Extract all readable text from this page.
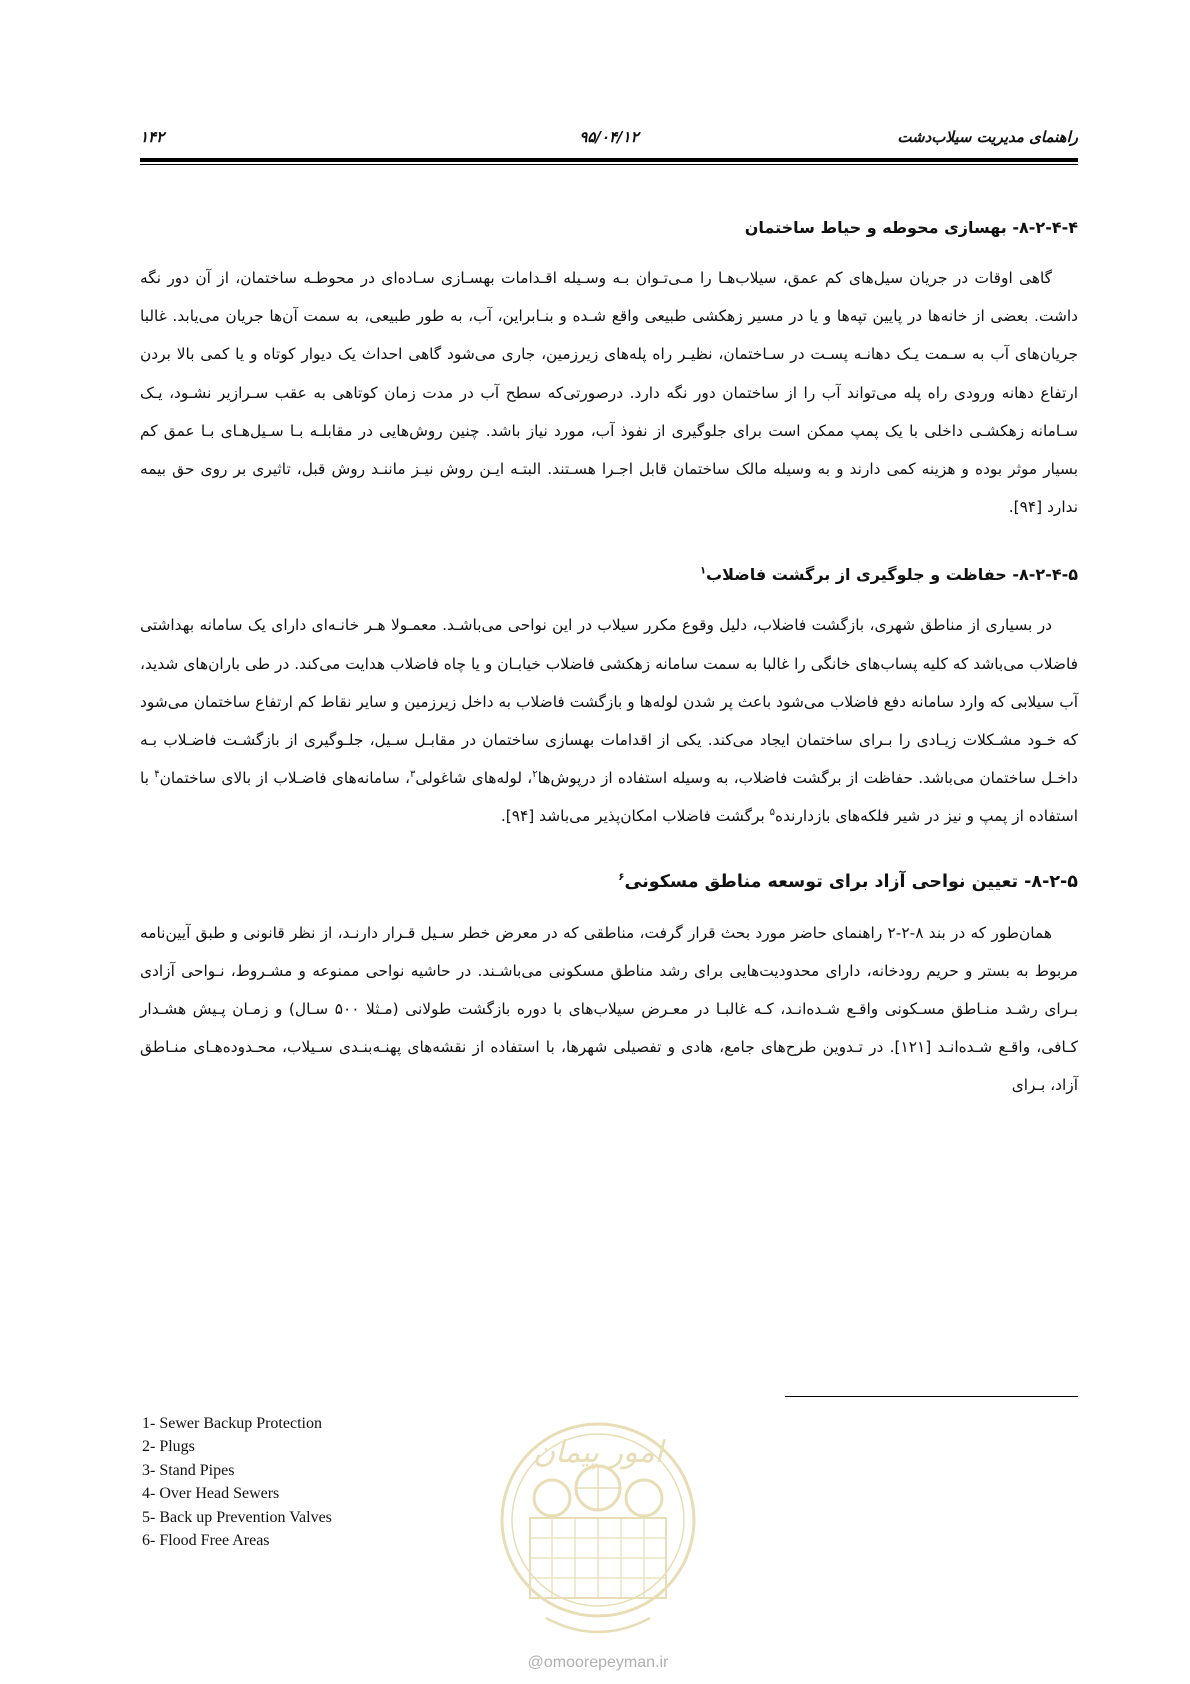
راهنمای مدیریت سیلاب‌دشت
۹۵/۰۴/۱۲
۱۴۲
۸-۲-۴-۴- بهسازی محوطه و حیاط ساختمان

گاهی اوقات در جریان سیل‌های کم عمق، سیلاب‌هـا را مـی‌تـوان بـه وسـیله اقـدامات بهسـازی سـاده‌ای در محوطـه ساختمان، از آن دور نگه داشت. بعضی از خانه‌ها در پایین تپه‌ها و یا در مسیر زهکشی طبیعی واقع شـده و بنـابراین، آب، به طور طبیعی، به سمت آن‌ها جریان می‌یابد. غالبا جریان‌های آب به سـمت یـک دهانـه پسـت در سـاختمان، نظیـر راه پله‌های زیرزمین، جاری می‌شود گاهی احداث یک دیوار کوتاه و یا کمی بالا بردن ارتفاع دهانه ورودی راه پله می‌تواند آب را از ساختمان دور نگه دارد. درصورتی‌که سطح آب در مدت زمان کوتاهی به عقب سـرازیر نشـود، یـک سـامانه زهکشـی داخلی با یک پمپ ممکن است برای جلوگیری از نفوذ آب، مورد نیاز باشد. چنین روش‌هایی در مقابلـه بـا سـیل‌هـای بـا عمق کم بسیار موثر بوده و هزینه کمی دارند و به وسیله مالک ساختمان قابل اجـرا هسـتند. البتـه ایـن روش نیـز ماننـد روش قبل، تاثیری بر روی حق بیمه ندارد [۹۴].

۸-۲-۴-۵- حفاظت و جلوگیری از برگشت فاضلاب$^۱$

در بسیاری از مناطق شهری، بازگشت فاضلاب، دلیل وقوع مکرر سیلاب در این نواحی می‌باشـد. معمـولا هـر خانـه‌ای دارای یک سامانه بهداشتی فاضلاب می‌باشد که کلیه پساب‌های خانگی را غالبا به سمت سامانه زهکشی فاضلاب خیابـان و یا چاه فاضلاب هدایت می‌کند. در طی باران‌های شدید، آب سیلابی که وارد سامانه دفع فاضلاب می‌شود باعث پر شدن لوله‌ها و بازگشت فاضلاب به داخل زیرزمین و سایر نقاط کم ارتفاع ساختمان می‌شود که خـود مشـکلات زیـادی را بـرای ساختمان ایجاد می‌کند. یکی از اقدامات بهسازی ساختمان در مقابـل سـیل، جلـوگیری از بازگشـت فاضـلاب بـه داخـل ساختمان می‌باشد. حفاظت از برگشت فاضلاب، به وسیله استفاده از درپوش‌ها$^۲$، لوله‌های شاغولی$^۳$، سامانه‌های فاضـلاب از بالای ساختمان$^۴$ با استفاده از پمپ و نیز در شیر فلکه‌های بازدارنده$^۵$ برگشت فاضلاب امکان‌پذیر می‌باشد [۹۴].

۸-۲-۵- تعیین نواحی آزاد برای توسعه مناطق مسکونی$^۶$

همان‌طور که در بند ۸-۲-۲ راهنمای حاضر مورد بحث قرار گرفت، مناطقی که در معرض خطر سـیل قـرار دارنـد، از نظر قانونی و طبق آیین‌نامه مربوط به بستر و حریم رودخانه، دارای محدودیت‌هایی برای رشد مناطق مسکونی می‌باشـند. در حاشیه نواحی ممنوعه و مشـروط، نـواحی آزادی بـرای رشـد منـاطق مسـکونی واقـع شـده‌انـد، کـه غالبـا در معـرض سیلاب‌های با دوره بازگشت طولانی (مـثلا ۵۰۰ سـال) و زمـان پـیش هشـدار کـافی، واقـع شـده‌انـد [۱۲۱]. در تـدوین طرح‌های جامع، هادی و تفصیلی شهرها، با استفاده از نقشه‌های پهنـه‌بنـدی سـیلاب، محـدوده‌هـای منـاطق آزاد، بـرای

1- Sewer Backup Protection
2- Plugs
3- Stand Pipes
4- Over Head Sewers
5- Back up Prevention Valves
6- Flood Free Areas
امور پیمان
@omoorepeyman.ir
